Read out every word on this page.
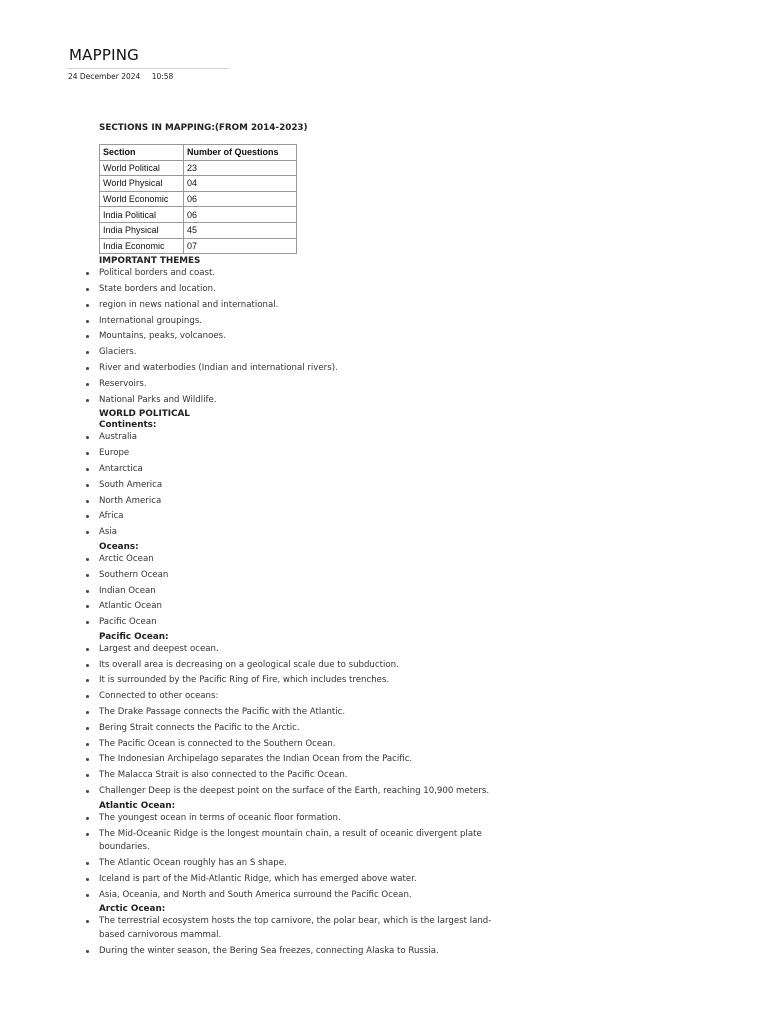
MAPPING
24 December 2024 10:58

SECTIONS IN MAPPING:(FROM 2014-2023)

Section	Number of Questions
World Political	23
World Physical	04
World Economic	06
India Political	06
India Physical	45
India Economic	07

IMPORTANT THEMES

Political borders and coast.
State borders and location.
region in news national and international.
International groupings.
Mountains, peaks, volcanoes.
Glaciers.
River and waterbodies (Indian and international rivers).
Reservoirs.
National Parks and Wildlife.

WORLD POLITICAL

Continents:

Australia
Europe
Antarctica
South America
North America
Africa
Asia

Oceans:

Arctic Ocean
Southern Ocean
Indian Ocean
Atlantic Ocean
Pacific Ocean

Pacific Ocean:

Largest and deepest ocean.
Its overall area is decreasing on a geological scale due to subduction.
It is surrounded by the Pacific Ring of Fire, which includes trenches.
Connected to other oceans:
The Drake Passage connects the Pacific with the Atlantic.
Bering Strait connects the Pacific to the Arctic.
The Pacific Ocean is connected to the Southern Ocean.
The Indonesian Archipelago separates the Indian Ocean from the Pacific.
The Malacca Strait is also connected to the Pacific Ocean.
Challenger Deep is the deepest point on the surface of the Earth, reaching 10,900 meters.

Atlantic Ocean:

The youngest ocean in terms of oceanic floor formation.
The Mid-Oceanic Ridge is the longest mountain chain, a result of oceanic divergent plate boundaries.
The Atlantic Ocean roughly has an S shape.
Iceland is part of the Mid-Atlantic Ridge, which has emerged above water.
Asia, Oceania, and North and South America surround the Pacific Ocean.

Arctic Ocean:

The terrestrial ecosystem hosts the top carnivore, the polar bear, which is the largest land-based carnivorous mammal.
During the winter season, the Bering Sea freezes, connecting Alaska to Russia.
